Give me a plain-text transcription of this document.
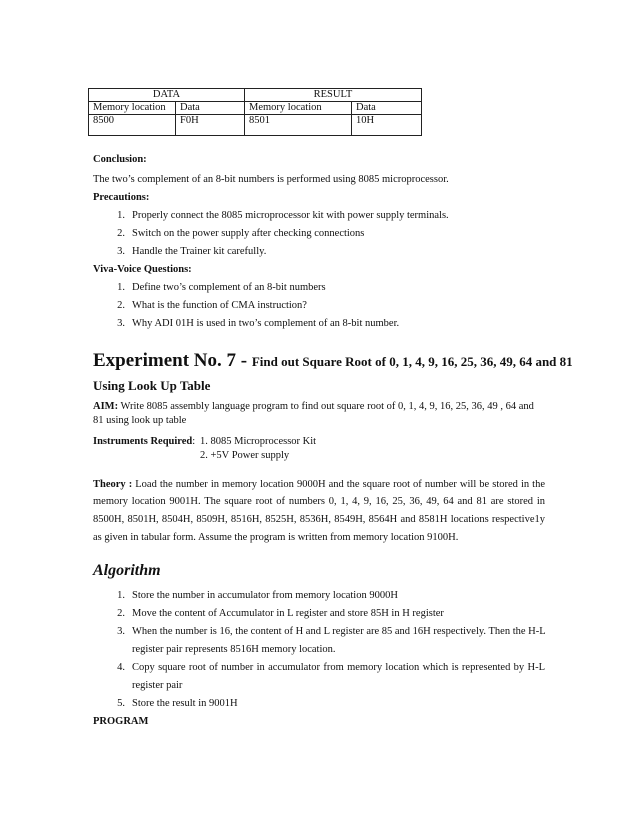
DATA		RESULT	
Memory location	Data	Memory location	Data
8500	F0H	8501	10H
Conclusion:
The two’s complement of an 8-bit numbers is performed using 8085 microprocessor.
Precautions:
1. Properly connect the 8085 microprocessor kit with power supply terminals.
2. Switch on the power supply after checking connections
3. Handle the Trainer kit carefully.
Viva-Voice Questions:
1. Define two’s complement of an 8-bit numbers
2. What is the function of CMA instruction?
3. Why ADI 01H is used in two’s complement of an 8-bit number.
Experiment No. 7 - Find out Square Root of 0, 1, 4, 9, 16, 25, 36, 49, 64 and 81
Using Look Up Table
AIM: Write 8085 assembly language program to find out square root of 0, 1, 4, 9, 16, 25, 36, 49 , 64 and
81 using look up table
Instruments Required: 1. 8085 Microprocessor Kit
2. +5V Power supply
Theory : Load the number in memory location 9000H and the square root of number will be stored in the
memory location 9001H. The square root of numbers 0, 1, 4, 9, 16, 25, 36, 49, 64 and 81 are stored in
8500H, 8501H, 8504H, 8509H, 8516H, 8525H, 8536H, 8549H, 8564H and 8581H locations respective1y
as given in tabular form. Assume the program is written from memory location 9100H.
Algorithm
1. Store the number in accumulator from memory location 9000H
2. Move the content of Accumulator in L register and store 85H in H register
3. When the number is 16, the content of H and L register are 85 and 16H respectively. Then the H-L
register pair represents 8516H memory location.
4. Copy square root of number in accumulator from memory location which is represented by H-L
register pair
5. Store the result in 9001H
PROGRAM
